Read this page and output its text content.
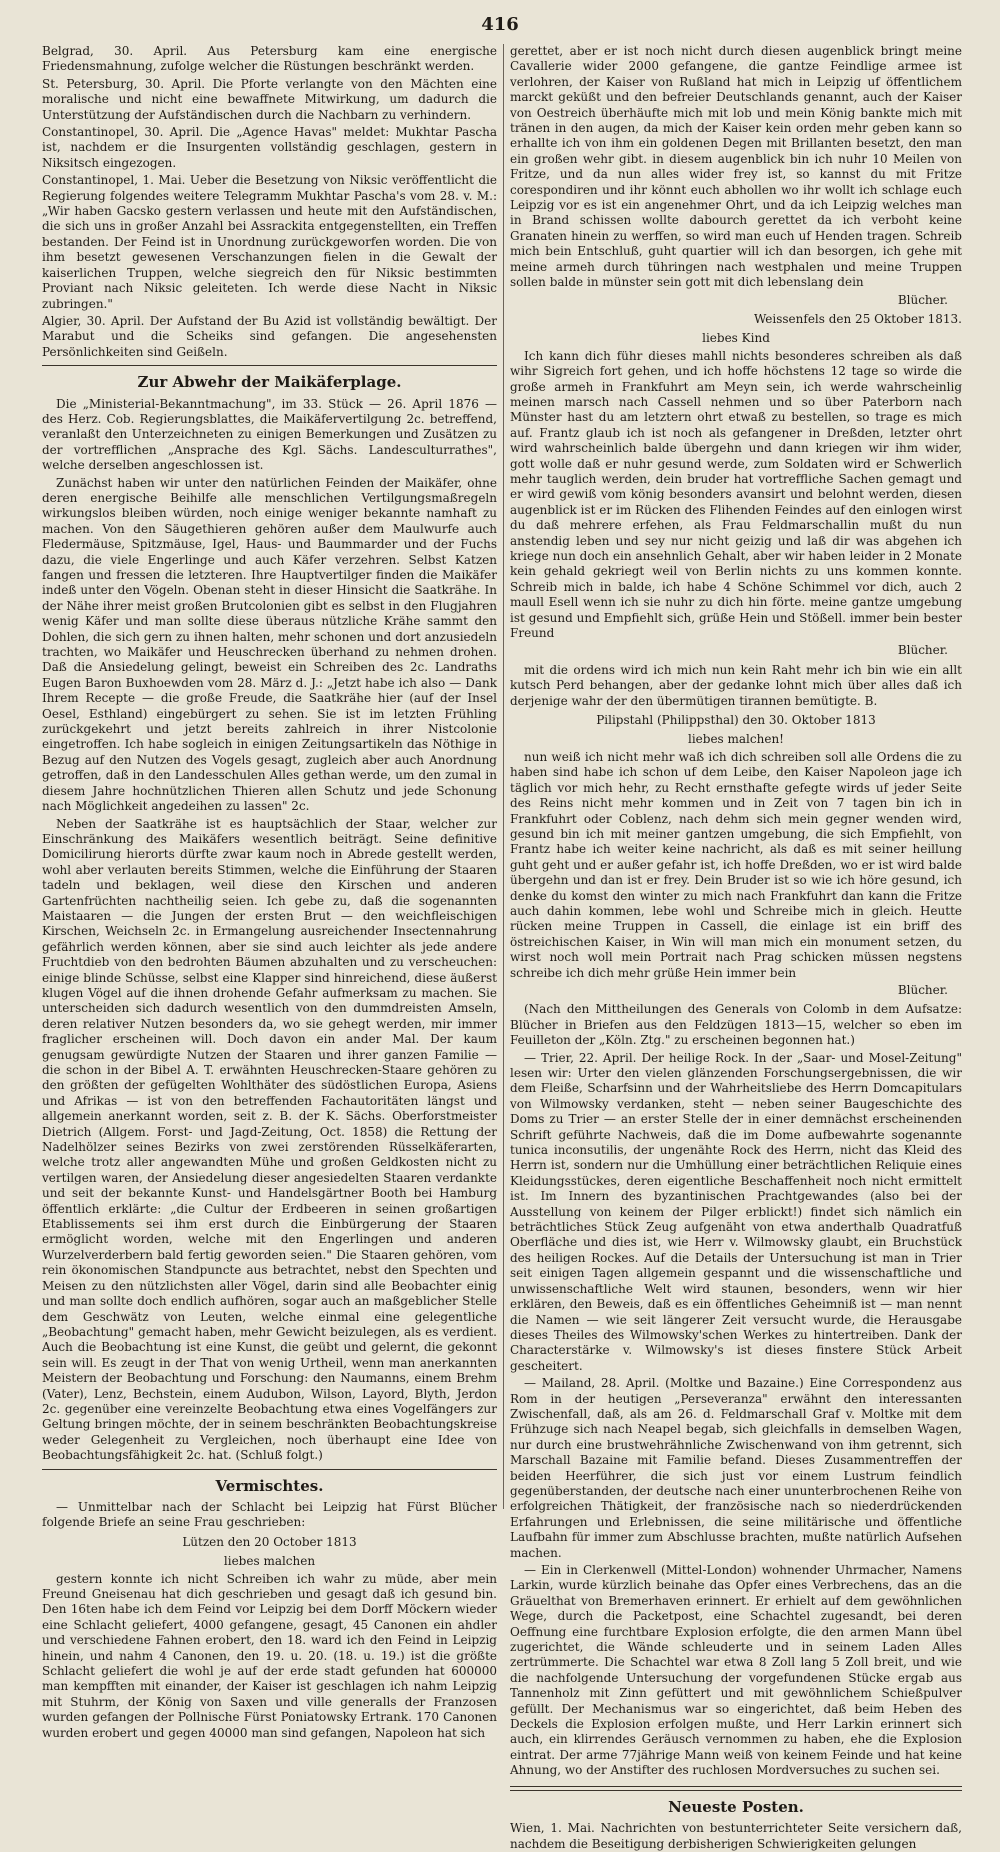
416

Belgrad, 30. April. Aus Petersburg kam eine energische Friedensmahnung, zufolge welcher die Rüstungen beschränkt werden.

St. Petersburg, 30. April. Die Pforte verlangte von den Mächten eine moralische und nicht eine bewaffnete Mitwirkung, um dadurch die Unterstützung der Aufständischen durch die Nachbarn zu verhindern.

Constantinopel, 30. April. Die „Agence Havas" meldet: Mukhtar Pascha ist, nachdem er die Insurgenten vollständig geschlagen, gestern in Niksitsch eingezogen.

Constantinopel, 1. Mai. Ueber die Besetzung von Niksic veröffentlicht die Regierung folgendes weitere Telegramm Mukhtar Pascha's vom 28. v. M.: „Wir haben Gacsko gestern verlassen und heute mit den Aufständischen, die sich uns in großer Anzahl bei Assrackita entgegenstellten, ein Treffen bestanden. Der Feind ist in Unordnung zurückgeworfen worden. Die von ihm besetzt gewesenen Verschanzungen fielen in die Gewalt der kaiserlichen Truppen, welche siegreich den für Niksic bestimmten Proviant nach Niksic geleiteten. Ich werde diese Nacht in Niksic zubringen."

Algier, 30. April. Der Aufstand der Bu Azid ist vollständig bewältigt. Der Marabut und die Scheiks sind gefangen. Die angesehensten Persönlichkeiten sind Geißeln.

Zur Abwehr der Maikäferplage.

Die „Ministerial-Bekanntmachung", im 33. Stück — 26. April 1876 — des Herz. Cob. Regierungsblattes, die Maikäfervertilgung 2c. betreffend, veranlaßt den Unterzeichneten zu einigen Bemerkungen und Zusätzen zu der vortrefflichen „Ansprache des Kgl. Sächs. Landesculturrathes", welche derselben angeschlossen ist.

Zunächst haben wir unter den natürlichen Feinden der Maikäfer, ohne deren energische Beihilfe alle menschlichen Vertilgungsmaßregeln wirkungslos bleiben würden, noch einige weniger bekannte namhaft zu machen. Von den Säugethieren gehören außer dem Maulwurfe auch Fledermäuse, Spitzmäuse, Igel, Haus- und Baummarder und der Fuchs dazu, die viele Engerlinge und auch Käfer verzehren. Selbst Katzen fangen und fressen die letzteren. Ihre Hauptvertilger finden die Maikäfer indeß unter den Vögeln. Obenan steht in dieser Hinsicht die Saatkrähe. In der Nähe ihrer meist großen Brutcolonien gibt es selbst in den Flugjahren wenig Käfer und man sollte diese überaus nützliche Krähe sammt den Dohlen, die sich gern zu ihnen halten, mehr schonen und dort anzusiedeln trachten, wo Maikäfer und Heuschrecken überhand zu nehmen drohen. Daß die Ansiedelung gelingt, beweist ein Schreiben des 2c. Landraths Eugen Baron Buxhoewden vom 28. März d. J.: „Jetzt habe ich also — Dank Ihrem Recepte — die große Freude, die Saatkrähe hier (auf der Insel Oesel, Esthland) eingebürgert zu sehen. Sie ist im letzten Frühling zurückgekehrt und jetzt bereits zahlreich in ihrer Nistcolonie eingetroffen. Ich habe sogleich in einigen Zeitungsartikeln das Nöthige in Bezug auf den Nutzen des Vogels gesagt, zugleich aber auch Anordnung getroffen, daß in den Landesschulen Alles gethan werde, um den zumal in diesem Jahre hochnützlichen Thieren allen Schutz und jede Schonung nach Möglichkeit angedeihen zu lassen" 2c.

Neben der Saatkrähe ist es hauptsächlich der Staar, welcher zur Einschränkung des Maikäfers wesentlich beiträgt. Seine definitive Domicilirung hierorts dürfte zwar kaum noch in Abrede gestellt werden, wohl aber verlauten bereits Stimmen, welche die Einführung der Staaren tadeln und beklagen, weil diese den Kirschen und anderen Gartenfrüchten nachtheilig seien. Ich gebe zu, daß die sogenannten Maistaaren — die Jungen der ersten Brut — den weichfleischigen Kirschen, Weichseln 2c. in Ermangelung ausreichender Insectennahrung gefährlich werden können, aber sie sind auch leichter als jede andere Fruchtdieb von den bedrohten Bäumen abzuhalten und zu verscheuchen: einige blinde Schüsse, selbst eine Klapper sind hinreichend, diese äußerst klugen Vögel auf die ihnen drohende Gefahr aufmerksam zu machen. Sie unterscheiden sich dadurch wesentlich von den dummdreisten Amseln, deren relativer Nutzen besonders da, wo sie gehegt werden, mir immer fraglicher erscheinen will. Doch davon ein ander Mal. Der kaum genugsam gewürdigte Nutzen der Staaren und ihrer ganzen Familie — die schon in der Bibel A. T. erwähnten Heuschrecken-Staare gehören zu den größten der gefügelten Wohlthäter des südöstlichen Europa, Asiens und Afrikas — ist von den betreffenden Fachautoritäten längst und allgemein anerkannt worden, seit z. B. der K. Sächs. Oberforstmeister Dietrich (Allgem. Forst- und Jagd-Zeitung, Oct. 1858) die Rettung der Nadelhölzer seines Bezirks von zwei zerstörenden Rüsselkäferarten, welche trotz aller angewandten Mühe und großen Geldkosten nicht zu vertilgen waren, der Ansiedelung dieser angesiedelten Staaren verdankte und seit der bekannte Kunst- und Handelsgärtner Booth bei Hamburg öffentlich erklärte: „die Cultur der Erdbeeren in seinen großartigen Etablissements sei ihm erst durch die Einbürgerung der Staaren ermöglicht worden, welche mit den Engerlingen und anderen Wurzelverderbern bald fertig geworden seien." Die Staaren gehören, vom rein ökonomischen Standpuncte aus betrachtet, nebst den Spechten und Meisen zu den nützlichsten aller Vögel, darin sind alle Beobachter einig und man sollte doch endlich aufhören, sogar auch an maßgeblicher Stelle dem Geschwätz von Leuten, welche einmal eine gelegentliche „Beobachtung" gemacht haben, mehr Gewicht beizulegen, als es verdient. Auch die Beobachtung ist eine Kunst, die geübt und gelernt, die gekonnt sein will. Es zeugt in der That von wenig Urtheil, wenn man anerkannten Meistern der Beobachtung und Forschung: den Naumanns, einem Brehm (Vater), Lenz, Bechstein, einem Audubon, Wilson, Layord, Blyth, Jerdon 2c. gegenüber eine vereinzelte Beobachtung etwa eines Vogelfängers zur Geltung bringen möchte, der in seinem beschränkten Beobachtungskreise weder Gelegenheit zu Vergleichen, noch überhaupt eine Idee von Beobachtungsfähigkeit 2c. hat. (Schluß folgt.)

Vermischtes.

— Unmittelbar nach der Schlacht bei Leipzig hat Fürst Blücher folgende Briefe an seine Frau geschrieben:

Lützen den 20 October 1813
liebes malchen

gestern konnte ich nicht Schreiben ich wahr zu müde, aber mein Freund Gneisenau hat dich geschrieben und gesagt daß ich gesund bin. Den 16ten habe ich dem Feind vor Leipzig bei dem Dorff Möckern wieder eine Schlacht geliefert, 4000 gefangene, gesagt, 45 Canonen ein ahdler und verschiedene Fahnen erobert, den 18. ward ich den Feind in Leipzig hinein, und nahm 4 Canonen, den 19. u. 20. (18. u. 19.) ist die größte Schlacht geliefert die wohl je auf der erde stadt gefunden hat 600000 man kempfften mit einander, der Kaiser ist geschlagen ich nahm Leipzig mit Stuhrm, der König von Saxen und ville generalls der Franzosen wurden gefangen der Pollnische Fürst Poniatowsky Ertrank. 170 Canonen wurden erobert und gegen 40000 man sind gefangen, Napoleon hat sich

gerettet, aber er ist noch nicht durch diesen augenblick bringt meine Cavallerie wider 2000 gefangene, die gantze Feindlige armee ist verlohren, der Kaiser von Rußland hat mich in Leipzig uf öffentlichem marckt geküßt und den befreier Deutschlands genannt, auch der Kaiser von Oestreich überhäufte mich mit lob und mein König bankte mich mit tränen in den augen, da mich der Kaiser kein orden mehr geben kann so erhallte ich von ihm ein goldenen Degen mit Brillanten besetzt, den man ein großen wehr gibt. in diesem augenblick bin ich nuhr 10 Meilen von Fritze, und da nun alles wider frey ist, so kannst du mit Fritze corespondiren und ihr könnt euch abhollen wo ihr wollt ich schlage euch Leipzig vor es ist ein angenehmer Ohrt, und da ich Leipzig welches man in Brand schissen wollte dabourch gerettet da ich verboht keine Granaten hinein zu werffen, so wird man euch uf Henden tragen. Schreib mich bein Entschluß, guht quartier will ich dan besorgen, ich gehe mit meine armeh durch tühringen nach westphalen und meine Truppen sollen balde in münster sein gott mit dich lebenslang dein

Blücher.
Weissenfels den 25 Oktober 1813.
liebes Kind

Ich kann dich führ dieses mahll nichts besonderes schreiben als daß wihr Sigreich fort gehen, und ich hoffe höchstens 12 tage so wirde die große armeh in Frankfuhrt am Meyn sein, ich werde wahrscheinlig meinen marsch nach Cassell nehmen und so über Paterborn nach Münster hast du am letztern ohrt etwaß zu bestellen, so trage es mich auf. Frantz glaub ich ist noch als gefangener in Dreßden, letzter ohrt wird wahrscheinlich balde übergehn und dann kriegen wir ihm wider, gott wolle daß er nuhr gesund werde, zum Soldaten wird er Schwerlich mehr tauglich werden, dein bruder hat vortreffliche Sachen gemagt und er wird gewiß vom könig besonders avansirt und belohnt werden, diesen augenblick ist er im Rücken des Flihenden Feindes auf den einlogen wirst du daß mehrere erfehen, als Frau Feldmarschallin mußt du nun anstendig leben und sey nur nicht geizig und laß dir was abgehen ich kriege nun doch ein ansehnlich Gehalt, aber wir haben leider in 2 Monate kein gehald gekriegt weil von Berlin nichts zu uns kommen konnte. Schreib mich in balde, ich habe 4 Schöne Schimmel vor dich, auch 2 maull Esell wenn ich sie nuhr zu dich hin förte. meine gantze umgebung ist gesund und Empfiehlt sich, grüße Hein und Stößell. immer bein bester Freund

Blücher.

mit die ordens wird ich mich nun kein Raht mehr ich bin wie ein allt kutsch Perd behangen, aber der gedanke lohnt mich über alles daß ich derjenige wahr der den übermütigen tirannen bemütigte. B.

Pilipstahl (Philippsthal) den 30. Oktober 1813
liebes malchen!

nun weiß ich nicht mehr waß ich dich schreiben soll alle Ordens die zu haben sind habe ich schon uf dem Leibe, den Kaiser Napoleon jage ich täglich vor mich hehr, zu Recht ernsthafte gefegte wirds uf jeder Seite des Reins nicht mehr kommen und in Zeit von 7 tagen bin ich in Frankfuhrt oder Coblenz, nach dehm sich mein gegner wenden wird, gesund bin ich mit meiner gantzen umgebung, die sich Empfiehlt, von Frantz habe ich weiter keine nachricht, als daß es mit seiner heillung guht geht und er außer gefahr ist, ich hoffe Dreßden, wo er ist wird balde übergehn und dan ist er frey. Dein Bruder ist so wie ich höre gesund, ich denke du komst den winter zu mich nach Frankfuhrt dan kann die Fritze auch dahin kommen, lebe wohl und Schreibe mich in gleich. Heutte rücken meine Truppen in Cassell, die einlage ist ein briff des östreichischen Kaiser, in Win will man mich ein monument setzen, du wirst noch woll mein Portrait nach Prag schicken müssen negstens schreibe ich dich mehr grüße Hein immer bein

Blücher.

(Nach den Mittheilungen des Generals von Colomb in dem Aufsatze: Blücher in Briefen aus den Feldzügen 1813—15, welcher so eben im Feuilleton der „Köln. Ztg." zu erscheinen begonnen hat.)

— Trier, 22. April. Der heilige Rock. In der „Saar- und Mosel-Zeitung" lesen wir: Urter den vielen glänzenden Forschungsergebnissen, die wir dem Fleiße, Scharfsinn und der Wahrheitsliebe des Herrn Domcapitulars von Wilmowsky verdanken, steht — neben seiner Baugeschichte des Doms zu Trier — an erster Stelle der in einer demnächst erscheinenden Schrift geführte Nachweis, daß die im Dome aufbewahrte sogenannte tunica inconsutilis, der ungenähte Rock des Herrn, nicht das Kleid des Herrn ist, sondern nur die Umhüllung einer beträchtlichen Reliquie eines Kleidungsstückes, deren eigentliche Beschaffenheit noch nicht ermittelt ist. Im Innern des byzantinischen Prachtgewandes (also bei der Ausstellung von keinem der Pilger erblickt!) findet sich nämlich ein beträchtliches Stück Zeug aufgenäht von etwa anderthalb Quadratfuß Oberfläche und dies ist, wie Herr v. Wilmowsky glaubt, ein Bruchstück des heiligen Rockes. Auf die Details der Untersuchung ist man in Trier seit einigen Tagen allgemein gespannt und die wissenschaftliche und unwissenschaftliche Welt wird staunen, besonders, wenn wir hier erklären, den Beweis, daß es ein öffentliches Geheimniß ist — man nennt die Namen — wie seit längerer Zeit versucht wurde, die Herausgabe dieses Theiles des Wilmowsky'schen Werkes zu hintertreiben. Dank der Characterstärke v. Wilmowsky's ist dieses finstere Stück Arbeit gescheitert.

— Mailand, 28. April. (Moltke und Bazaine.) Eine Correspondenz aus Rom in der heutigen „Perseveranza" erwähnt den interessanten Zwischenfall, daß, als am 26. d. Feldmarschall Graf v. Moltke mit dem Frühzuge sich nach Neapel begab, sich gleichfalls in demselben Wagen, nur durch eine brustwehrähnliche Zwischenwand von ihm getrennt, sich Marschall Bazaine mit Familie befand. Dieses Zusammentreffen der beiden Heerführer, die sich just vor einem Lustrum feindlich gegenüberstanden, der deutsche nach einer ununterbrochenen Reihe von erfolgreichen Thätigkeit, der französische nach so niederdrückenden Erfahrungen und Erlebnissen, die seine militärische und öffentliche Laufbahn für immer zum Abschlusse brachten, mußte natürlich Aufsehen machen.

— Ein in Clerkenwell (Mittel-London) wohnender Uhrmacher, Namens Larkin, wurde kürzlich beinahe das Opfer eines Verbrechens, das an die Gräuelthat von Bremerhaven erinnert. Er erhielt auf dem gewöhnlichen Wege, durch die Packetpost, eine Schachtel zugesandt, bei deren Oeffnung eine furchtbare Explosion erfolgte, die den armen Mann übel zugerichtet, die Wände schleuderte und in seinem Laden Alles zertrümmerte. Die Schachtel war etwa 8 Zoll lang 5 Zoll breit, und wie die nachfolgende Untersuchung der vorgefundenen Stücke ergab aus Tannenholz mit Zinn gefüttert und mit gewöhnlichem Schießpulver gefüllt. Der Mechanismus war so eingerichtet, daß beim Heben des Deckels die Explosion erfolgen mußte, und Herr Larkin erinnert sich auch, ein klirrendes Geräusch vernommen zu haben, ehe die Explosion eintrat. Der arme 77jährige Mann weiß von keinem Feinde und hat keine Ahnung, wo der Anstifter des ruchlosen Mordversuches zu suchen sei.

Neueste Posten.

Wien, 1. Mai. Nachrichten von bestunterrichteter Seite versichern daß, nachdem die Beseitigung derbisherigen Schwierigkeiten gelungen
